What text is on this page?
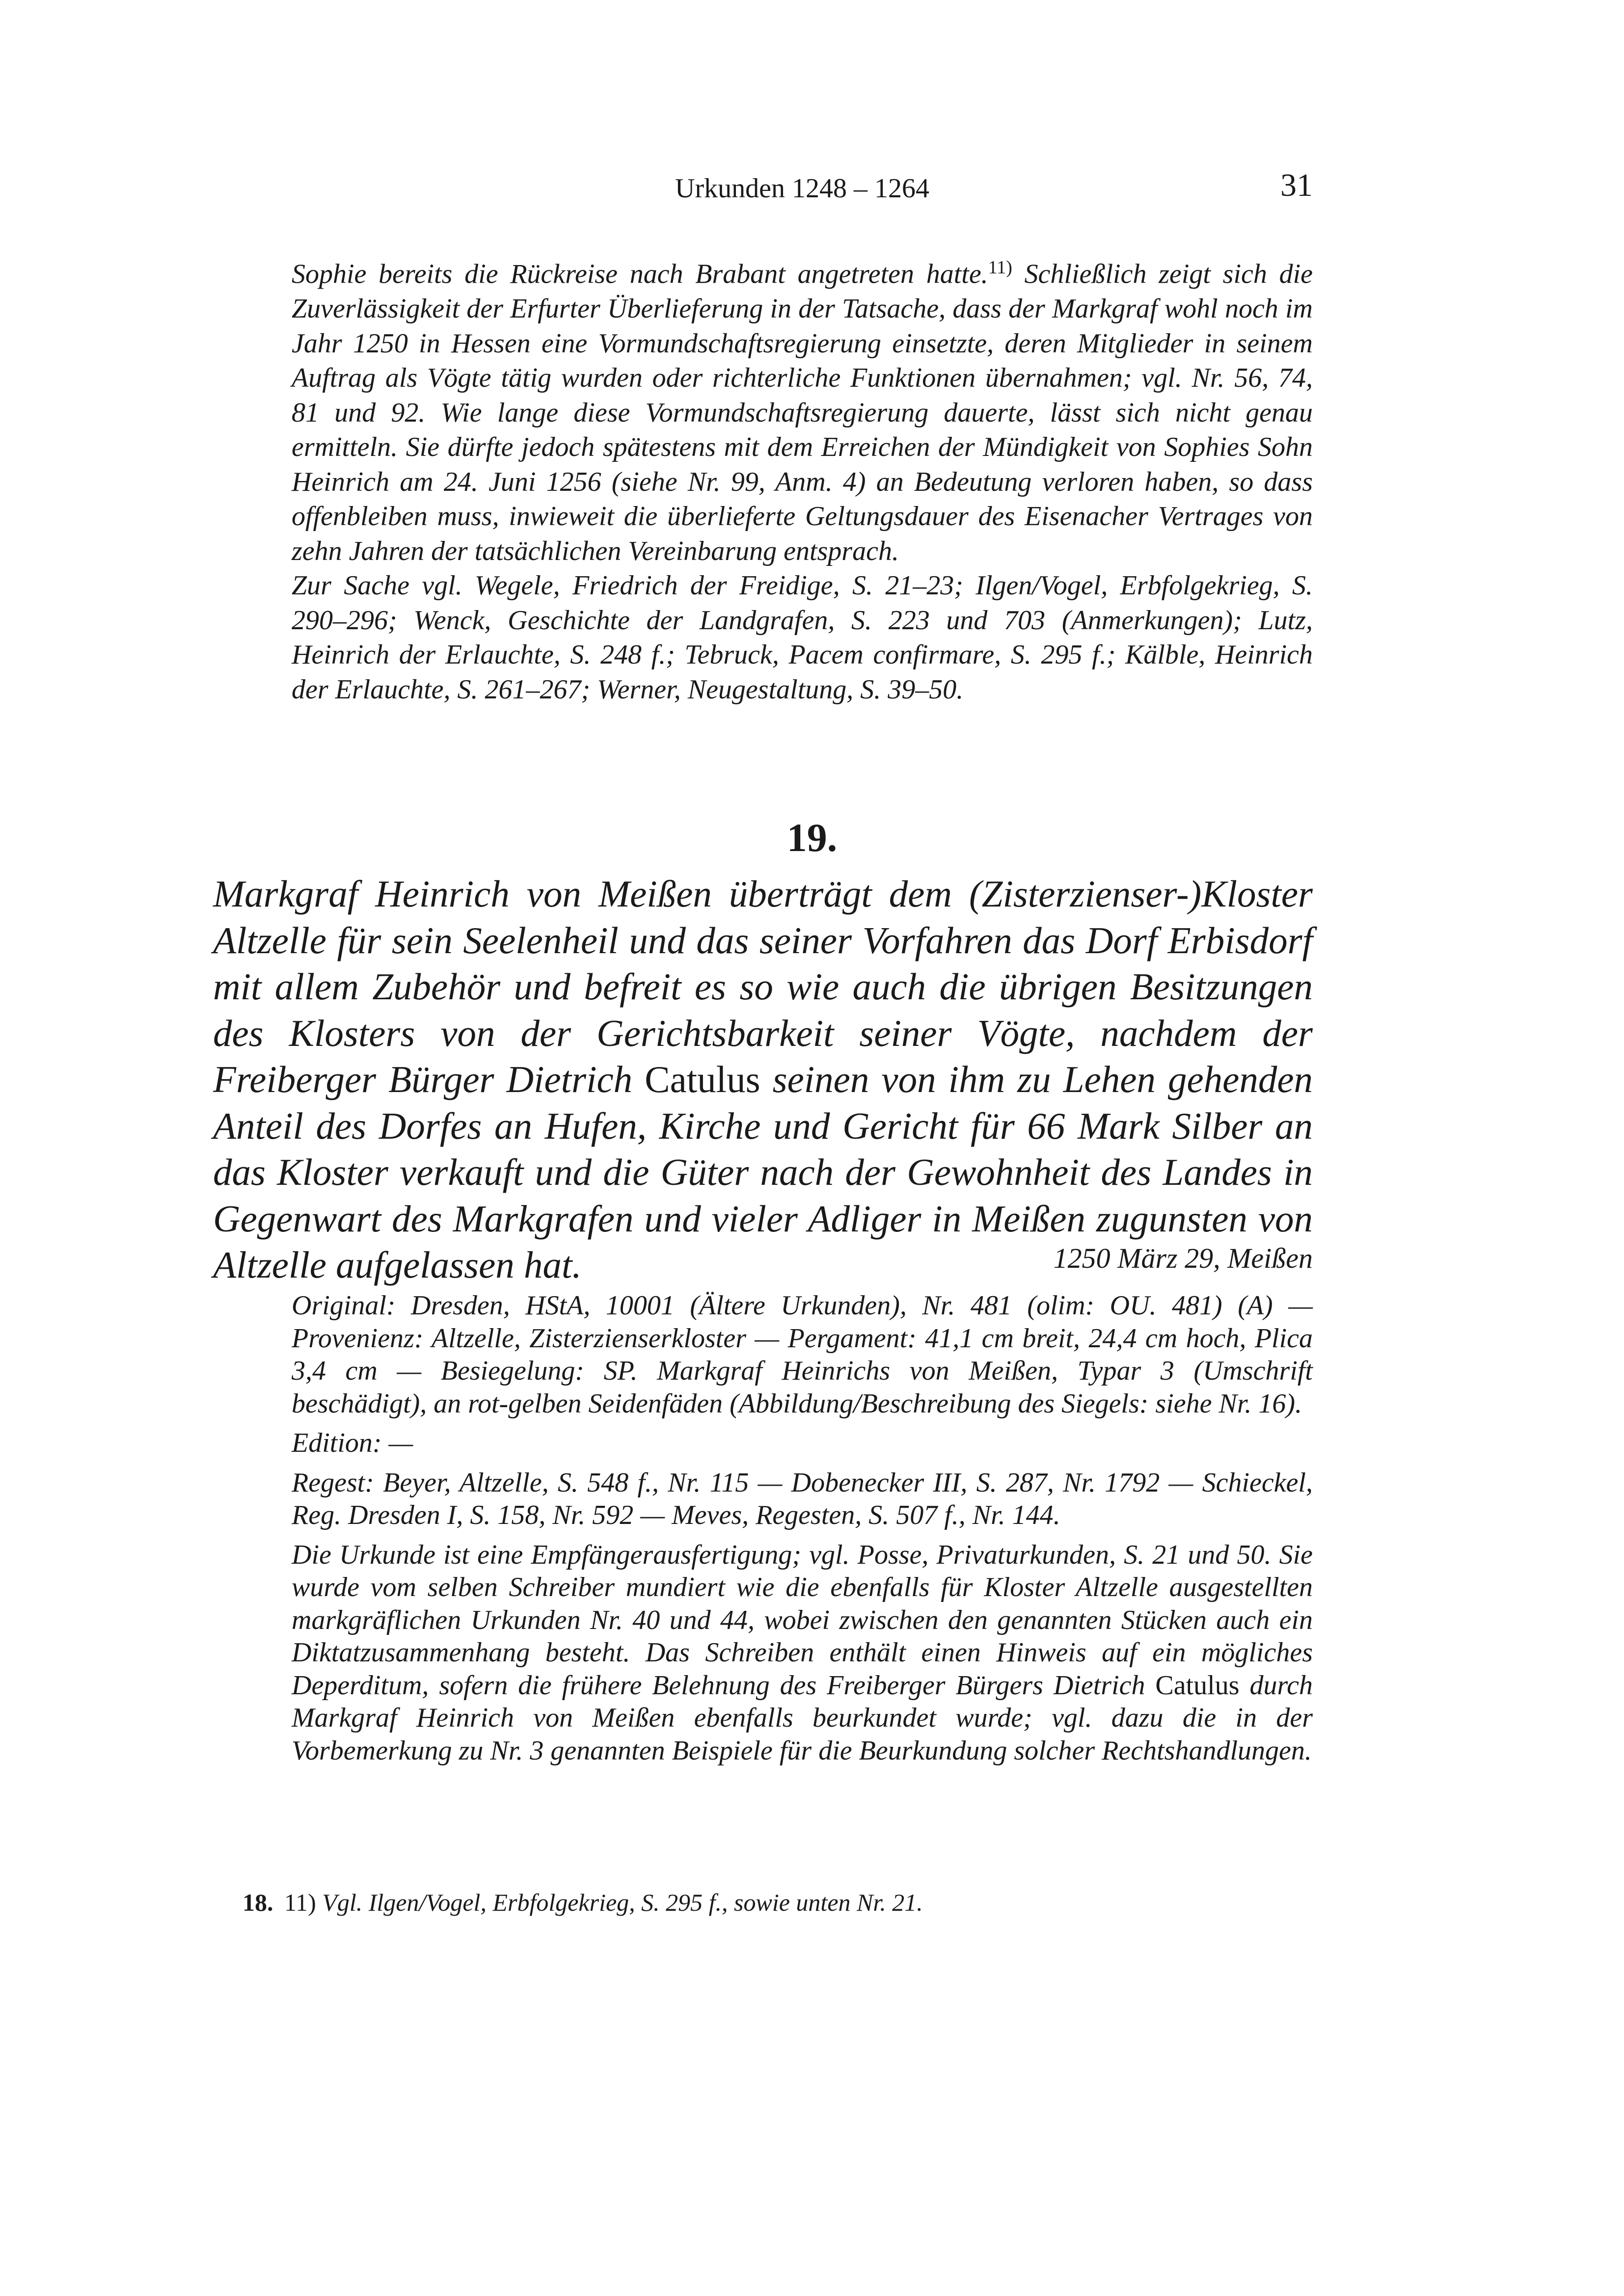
Urkunden 1248 – 1264	31

Sophie bereits die Rückreise nach Brabant angetreten hatte.$^{11)}$ Schließlich zeigt sich die Zuverlässigkeit der Erfurter Überlieferung in der Tatsache, dass der Markgraf wohl noch im Jahr 1250 in Hessen eine Vormundschaftsregierung einsetzte, deren Mitglieder in seinem Auftrag als Vögte tätig wurden oder richterliche Funktionen übernahmen; vgl. Nr. 56, 74, 81 und 92. Wie lange diese Vormundschaftsregierung dauerte, lässt sich nicht genau ermitteln. Sie dürfte jedoch spätestens mit dem Erreichen der Mündigkeit von Sophies Sohn Heinrich am 24. Juni 1256 (siehe Nr. 99, Anm. 4) an Bedeutung verloren haben, so dass offenbleiben muss, inwieweit die überlieferte Geltungsdauer des Eisenacher Vertrages von zehn Jahren der tatsächlichen Vereinbarung entsprach.

Zur Sache vgl. Wegele, Friedrich der Freidige, S. 21–23; Ilgen/Vogel, Erbfolgekrieg, S. 290–296; Wenck, Geschichte der Landgrafen, S. 223 und 703 (Anmerkungen); Lutz, Heinrich der Erlauchte, S. 248 f.; Tebruck, Pacem confirmare, S. 295 f.; Kälble, Heinrich der Erlauchte, S. 261–267; Werner, Neugestaltung, S. 39–50.

19.
Markgraf Heinrich von Meißen überträgt dem (Zisterzienser-)Kloster Altzelle für sein Seelenheil und das seiner Vorfahren das Dorf Erbisdorf mit allem Zubehör und befreit es so wie auch die übrigen Besitzungen des Klosters von der Gerichtsbarkeit seiner Vögte, nachdem der Freiberger Bürger Dietrich Catulus seinen von ihm zu Lehen gehenden Anteil des Dorfes an Hufen, Kirche und Gericht für 66 Mark Silber an das Kloster verkauft und die Güter nach der Gewohnheit des Landes in Gegenwart des Markgrafen und vieler Adliger in Meißen zugunsten von Altzelle aufgelassen hat.	1250 März 29, Meißen

Original: Dresden, HStA, 10001 (Ältere Urkunden), Nr. 481 (olim: OU. 481) (A) — Provenienz: Altzelle, Zisterzienserkloster — Pergament: 41,1 cm breit, 24,4 cm hoch, Plica 3,4 cm — Besiegelung: SP. Markgraf Heinrichs von Meißen, Typar 3 (Umschrift beschädigt), an rot-gelben Seidenfäden (Abbildung/Beschreibung des Siegels: siehe Nr. 16).

Edition: —

Regest: Beyer, Altzelle, S. 548 f., Nr. 115 — Dobenecker III, S. 287, Nr. 1792 — Schieckel, Reg. Dresden I, S. 158, Nr. 592 — Meves, Regesten, S. 507 f., Nr. 144.

Die Urkunde ist eine Empfängerausfertigung; vgl. Posse, Privaturkunden, S. 21 und 50. Sie wurde vom selben Schreiber mundiert wie die ebenfalls für Kloster Altzelle ausgestellten markgräflichen Urkunden Nr. 40 und 44, wobei zwischen den genannten Stücken auch ein Diktatzusammenhang besteht. Das Schreiben enthält einen Hinweis auf ein mögliches Deperditum, sofern die frühere Belehnung des Freiberger Bürgers Dietrich Catulus durch Markgraf Heinrich von Meißen ebenfalls beurkundet wurde; vgl. dazu die in der Vorbemerkung zu Nr. 3 genannten Beispiele für die Beurkundung solcher Rechtshandlungen.

18. 11) Vgl. Ilgen/Vogel, Erbfolgekrieg, S. 295 f., sowie unten Nr. 21.
